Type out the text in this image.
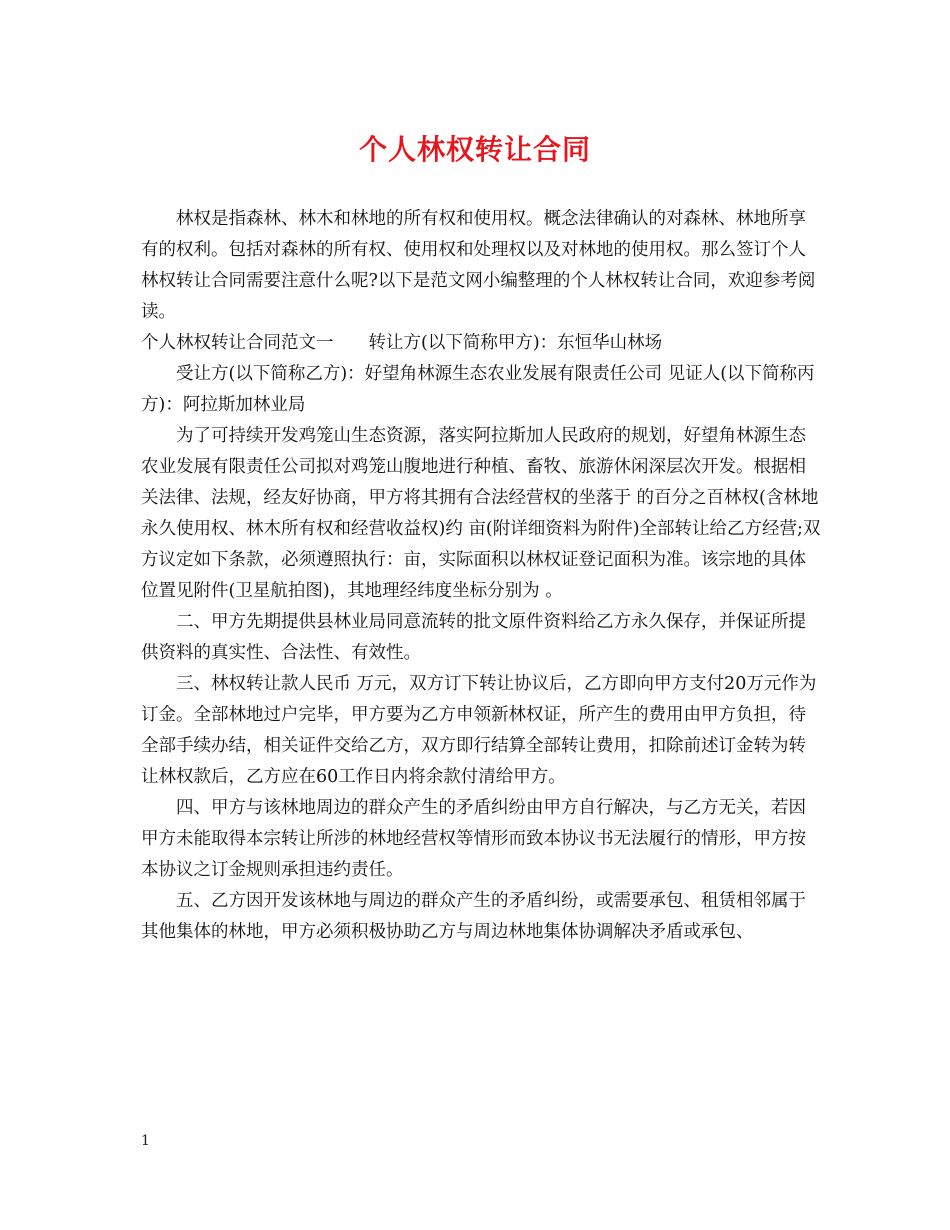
个人林权转让合同

林权是指森林、林木和林地的所有权和使用权。概念法律确认的对森林、林地所享有的权利。包括对森林的所有权、使用权和处理权以及对林地的使用权。那么签订个人林权转让合同需要注意什么呢?以下是范文网小编整理的个人林权转让合同，欢迎参考阅读。

个人林权转让合同范文一　　转让方(以下简称甲方)：东恒华山林场

受让方(以下简称乙方)：好望角林源生态农业发展有限责任公司 见证人(以下简称丙方)：阿拉斯加林业局

为了可持续开发鸡笼山生态资源，落实阿拉斯加人民政府的规划，好望角林源生态农业发展有限责任公司拟对鸡笼山腹地进行种植、畜牧、旅游休闲深层次开发。根据相关法律、法规，经友好协商，甲方将其拥有合法经营权的坐落于 的百分之百林权(含林地永久使用权、林木所有权和经营收益权)约 亩(附详细资料为附件)全部转让给乙方经营;双方议定如下条款，必须遵照执行：亩，实际面积以林权证登记面积为准。该宗地的具体位置见附件(卫星航拍图)，其地理经纬度坐标分别为 。

二、甲方先期提供县林业局同意流转的批文原件资料给乙方永久保存，并保证所提供资料的真实性、合法性、有效性。

三、林权转让款人民币 万元，双方订下转让协议后，乙方即向甲方支付20万元作为订金。全部林地过户完毕，甲方要为乙方申领新林权证，所产生的费用由甲方负担，待全部手续办结，相关证件交给乙方，双方即行结算全部转让费用，扣除前述订金转为转让林权款后，乙方应在60工作日内将余款付清给甲方。

四、甲方与该林地周边的群众产生的矛盾纠纷由甲方自行解决，与乙方无关，若因甲方未能取得本宗转让所涉的林地经营权等情形而致本协议书无法履行的情形，甲方按本协议之订金规则承担违约责任。

五、乙方因开发该林地与周边的群众产生的矛盾纠纷，或需要承包、租赁相邻属于其他集体的林地，甲方必须积极协助乙方与周边林地集体协调解决矛盾或承包、

1
